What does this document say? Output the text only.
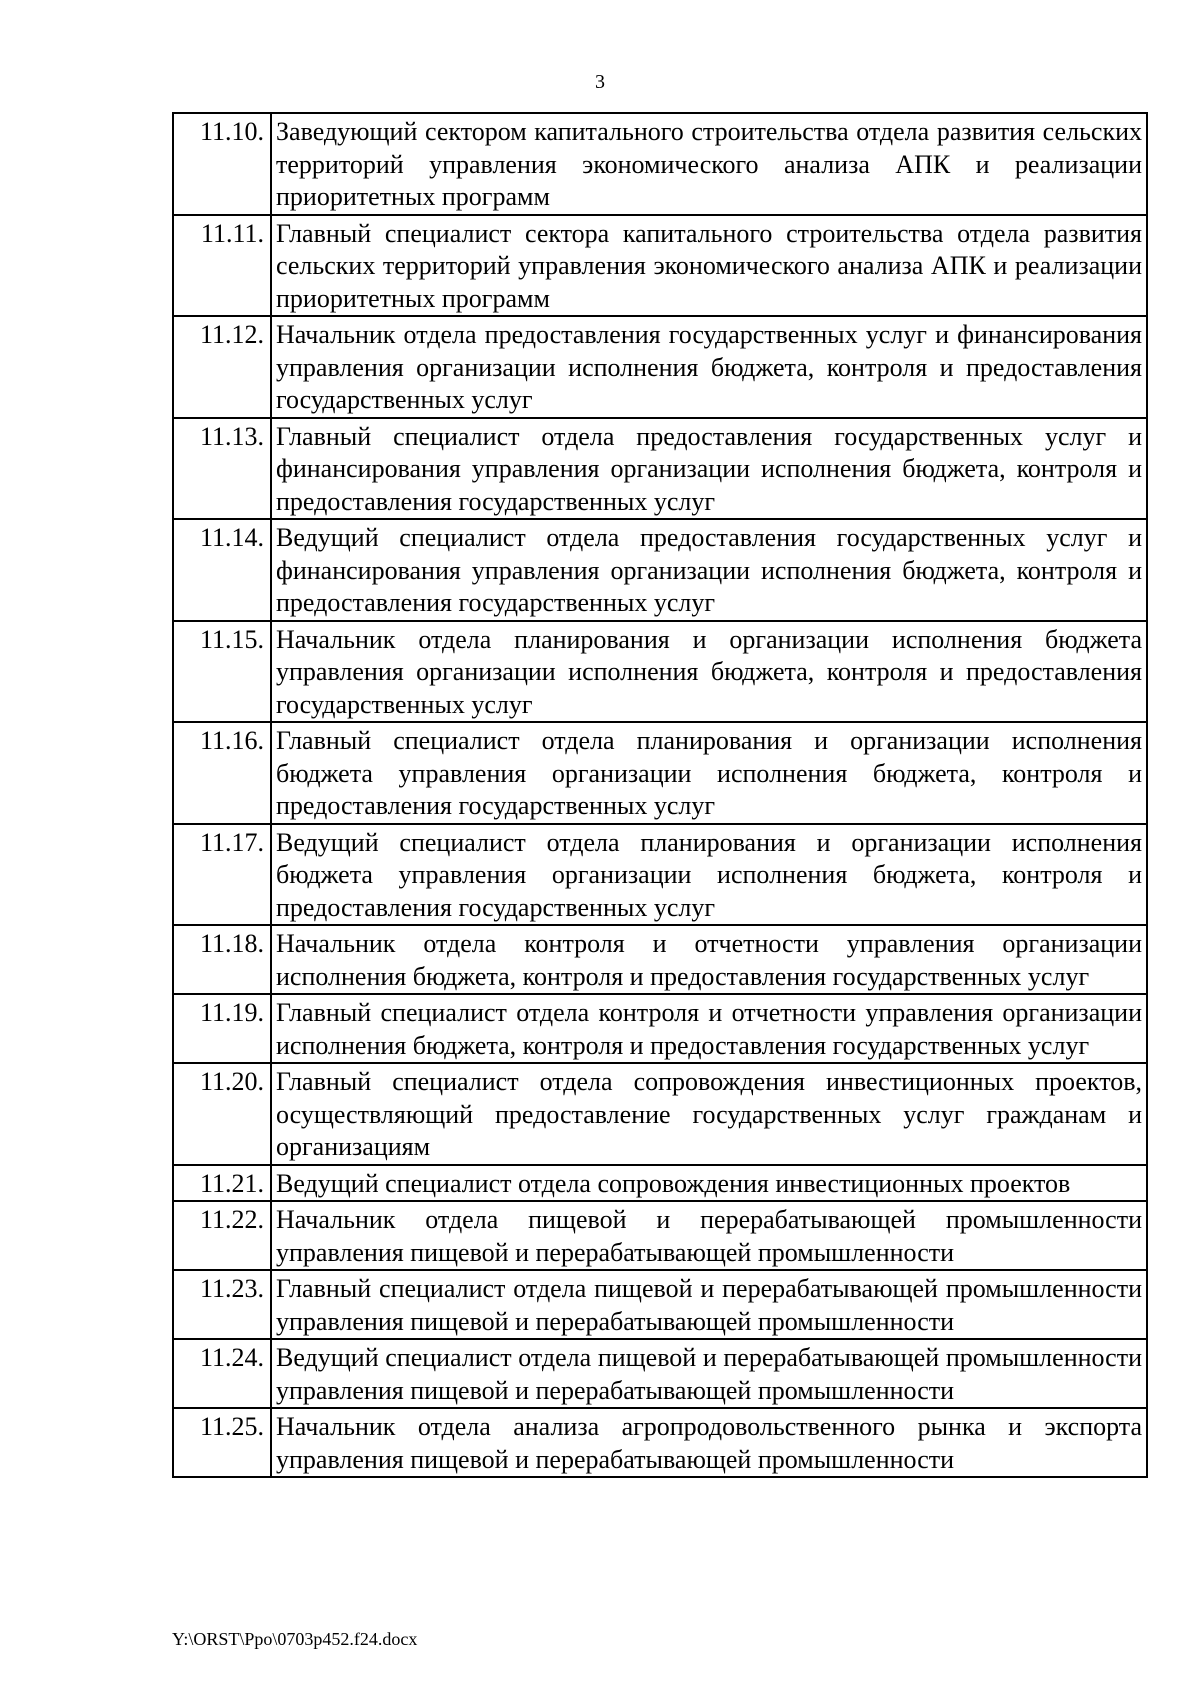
3
11.10.	Заведующий сектором капитального строительства отдела развития сельских территорий управления экономического анализа АПК и реализации приоритетных программ
11.11.	Главный специалист сектора капитального строительства отдела развития сельских территорий управления экономического анализа АПК и реализации приоритетных программ
11.12.	Начальник отдела предоставления государственных услуг и финансирования управления организации исполнения бюджета, контроля и предоставления государственных услуг
11.13.	Главный специалист отдела предоставления государственных услуг и финансирования управления организации исполнения бюджета, контроля и предоставления государственных услуг
11.14.	Ведущий специалист отдела предоставления государственных услуг и финансирования управления организации исполнения бюджета, контроля и предоставления государственных услуг
11.15.	Начальник отдела планирования и организации исполнения бюджета управления организации исполнения бюджета, контроля и предоставления государственных услуг
11.16.	Главный специалист отдела планирования и организации исполнения бюджета управления организации исполнения бюджета, контроля и предоставления государственных услуг
11.17.	Ведущий специалист отдела планирования и организации исполнения бюджета управления организации исполнения бюджета, контроля и предоставления государственных услуг
11.18.	Начальник отдела контроля и отчетности управления организации исполнения бюджета, контроля и предоставления государственных услуг
11.19.	Главный специалист отдела контроля и отчетности управления организации исполнения бюджета, контроля и предоставления государственных услуг
11.20.	Главный специалист отдела сопровождения инвестиционных проектов, осуществляющий предоставление государственных услуг гражданам и организациям
11.21.	Ведущий специалист отдела сопровождения инвестиционных проектов
11.22.	Начальник отдела пищевой и перерабатывающей промышленности управления пищевой и перерабатывающей промышленности
11.23.	Главный специалист отдела пищевой и перерабатывающей промышленности управления пищевой и перерабатывающей промышленности
11.24.	Ведущий специалист отдела пищевой и перерабатывающей промышленности управления пищевой и перерабатывающей промышленности
11.25.	Начальник отдела анализа агропродовольственного рынка и экспорта управления пищевой и перерабатывающей промышленности
Y:\ORST\Ppo\0703p452.f24.docx
